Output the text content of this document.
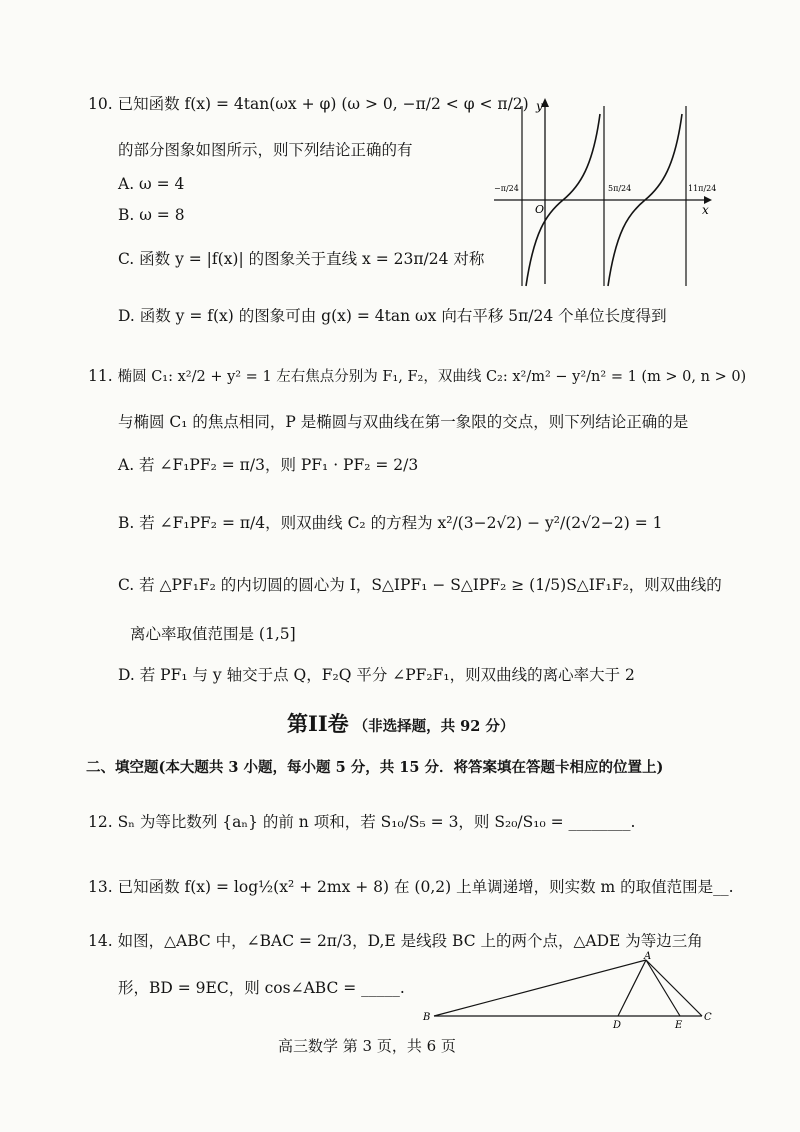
10. 已知函数 f(x) = 4tan(ωx + φ) (ω > 0, −π/2 < φ < π/2)
的部分图象如图所示，则下列结论正确的有
A. ω = 4
B. ω = 8
C. 函数 y = |f(x)| 的图象关于直线 x = 23π/24 对称
D. 函数 y = f(x) 的图象可由 g(x) = 4tan ωx 向右平移 5π/24 个单位长度得到
y
x
O
−π/24	5π/24	11π/24
11. 椭圆 C₁: x²/2 + y² = 1 左右焦点分别为 F₁, F₂，双曲线 C₂: x²/m² − y²/n² = 1 (m > 0, n > 0)
与椭圆 C₁ 的焦点相同，P 是椭圆与双曲线在第一象限的交点，则下列结论正确的是
A. 若 ∠F₁PF₂ = π/3，则 PF₁ · PF₂ = 2/3
B. 若 ∠F₁PF₂ = π/4，则双曲线 C₂ 的方程为 x²/(3−2√2) − y²/(2√2−2) = 1
C. 若 △PF₁F₂ 的内切圆的圆心为 I，S△IPF₁ − S△IPF₂ ≥ (1/5)S△IF₁F₂，则双曲线的
离心率取值范围是 (1,5]
D. 若 PF₁ 与 y 轴交于点 Q，F₂Q 平分 ∠PF₂F₁，则双曲线的离心率大于 2
第II卷 （非选择题，共 92 分）
二、填空题(本大题共 3 小题，每小题 5 分，共 15 分．将答案填在答题卡相应的位置上)
12. Sₙ 为等比数列 {aₙ} 的前 n 项和，若 S₁₀/S₅ = 3，则 S₂₀/S₁₀ = ________.
13. 已知函数 f(x) = log½(x² + 2mx + 8) 在 (0,2) 上单调递增，则实数 m 的取值范围是__.
14. 如图，△ABC 中，∠BAC = 2π/3，D,E 是线段 BC 上的两个点，△ADE 为等边三角
形，BD = 9EC，则 cos∠ABC = _____.
A
B	C
D	E
高三数学 第 3 页，共 6 页
